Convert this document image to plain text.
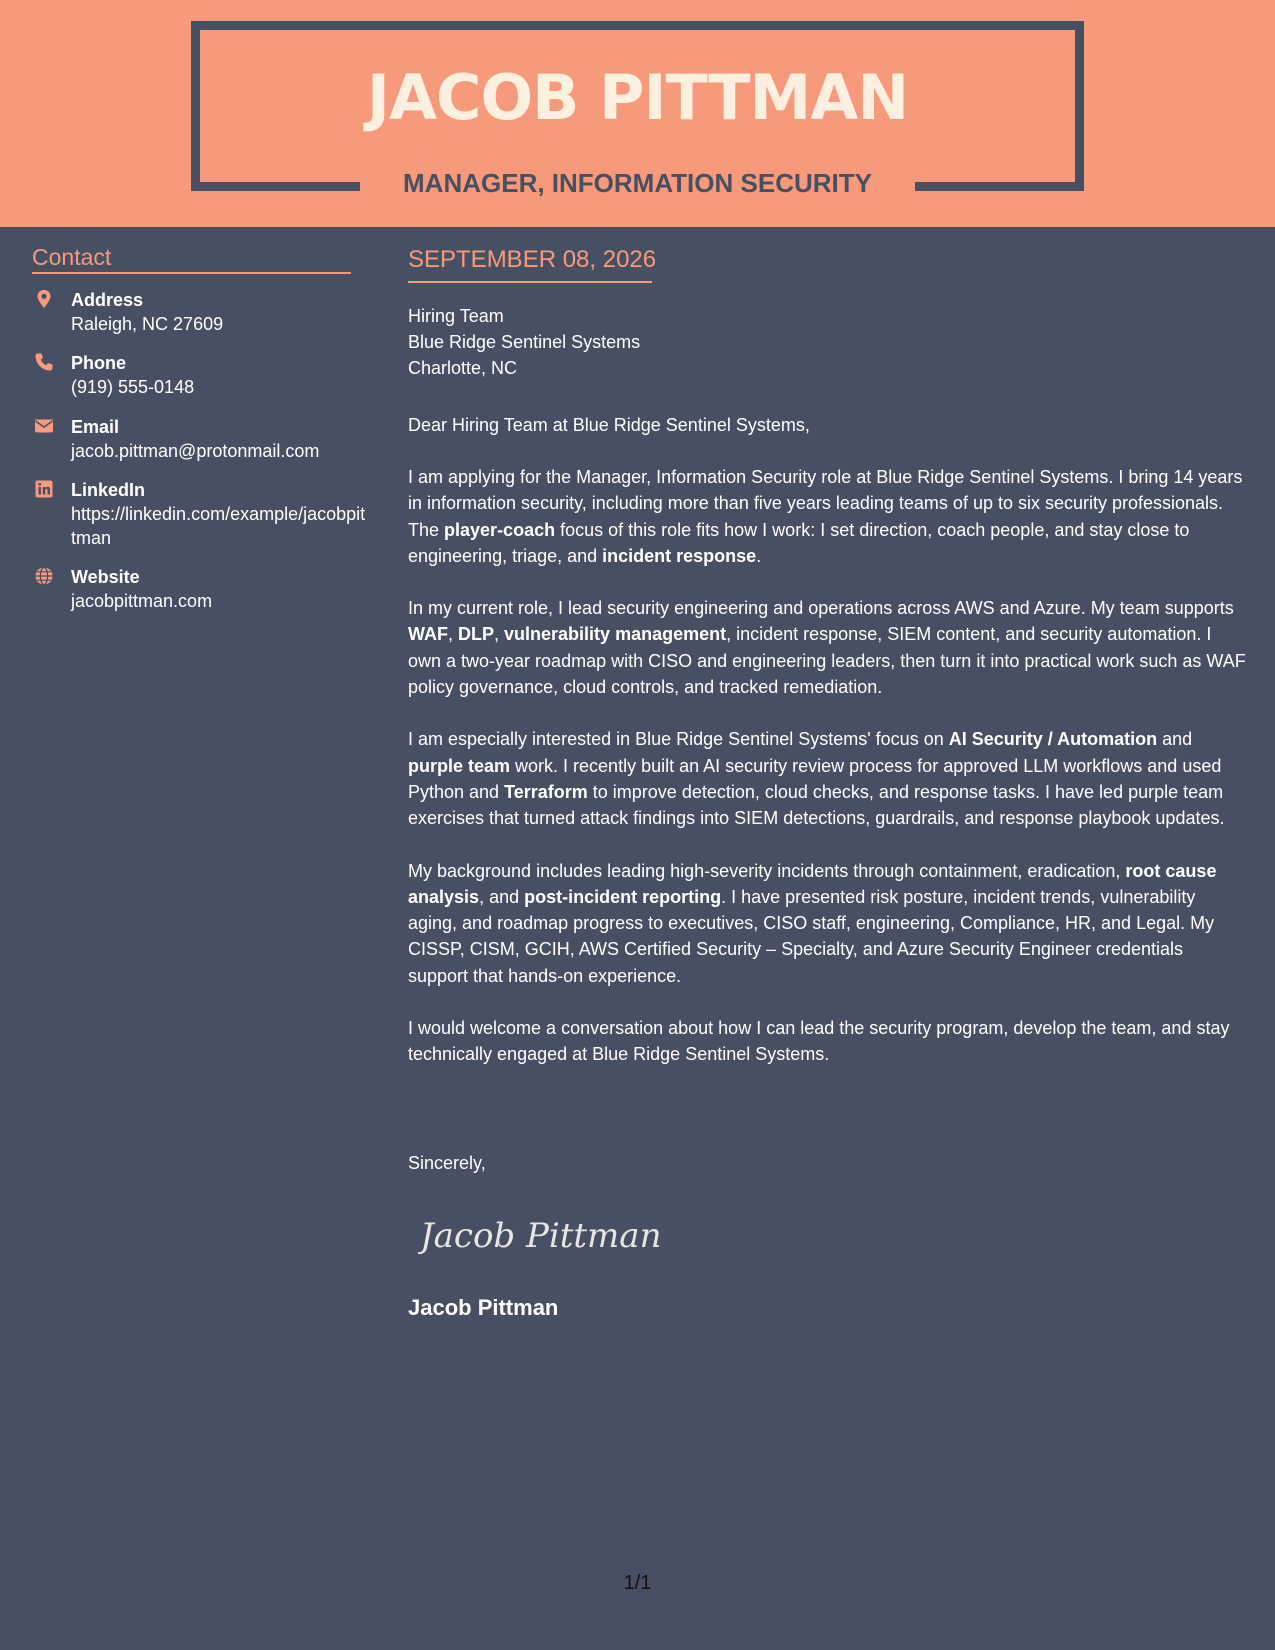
JACOB PITTMAN
MANAGER, INFORMATION SECURITY
Contact
Address
Raleigh, NC 27609
Phone
(919) 555-0148
Email
jacob.pittman@protonmail.com
LinkedIn
https://linkedin.com/example/jacobpittman
Website
jacobpittman.com
SEPTEMBER 08, 2026
Hiring Team
Blue Ridge Sentinel Systems
Charlotte, NC
Dear Hiring Team at Blue Ridge Sentinel Systems,

I am applying for the Manager, Information Security role at Blue Ridge Sentinel Systems. I bring 14 years in information security, including more than five years leading teams of up to six security professionals. The player-coach focus of this role fits how I work: I set direction, coach people, and stay close to engineering, triage, and incident response.

In my current role, I lead security engineering and operations across AWS and Azure. My team supports WAF, DLP, vulnerability management, incident response, SIEM content, and security automation. I own a two-year roadmap with CISO and engineering leaders, then turn it into practical work such as WAF policy governance, cloud controls, and tracked remediation.

I am especially interested in Blue Ridge Sentinel Systems' focus on AI Security / Automation and purple team work. I recently built an AI security review process for approved LLM workflows and used Python and Terraform to improve detection, cloud checks, and response tasks. I have led purple team exercises that turned attack findings into SIEM detections, guardrails, and response playbook updates.

My background includes leading high-severity incidents through containment, eradication, root cause analysis, and post-incident reporting. I have presented risk posture, incident trends, vulnerability aging, and roadmap progress to executives, CISO staff, engineering, Compliance, HR, and Legal. My CISSP, CISM, GCIH, AWS Certified Security – Specialty, and Azure Security Engineer credentials support that hands-on experience.

I would welcome a conversation about how I can lead the security program, develop the team, and stay technically engaged at Blue Ridge Sentinel Systems.

Sincerely,
Jacob Pittman
Jacob Pittman
1/1
